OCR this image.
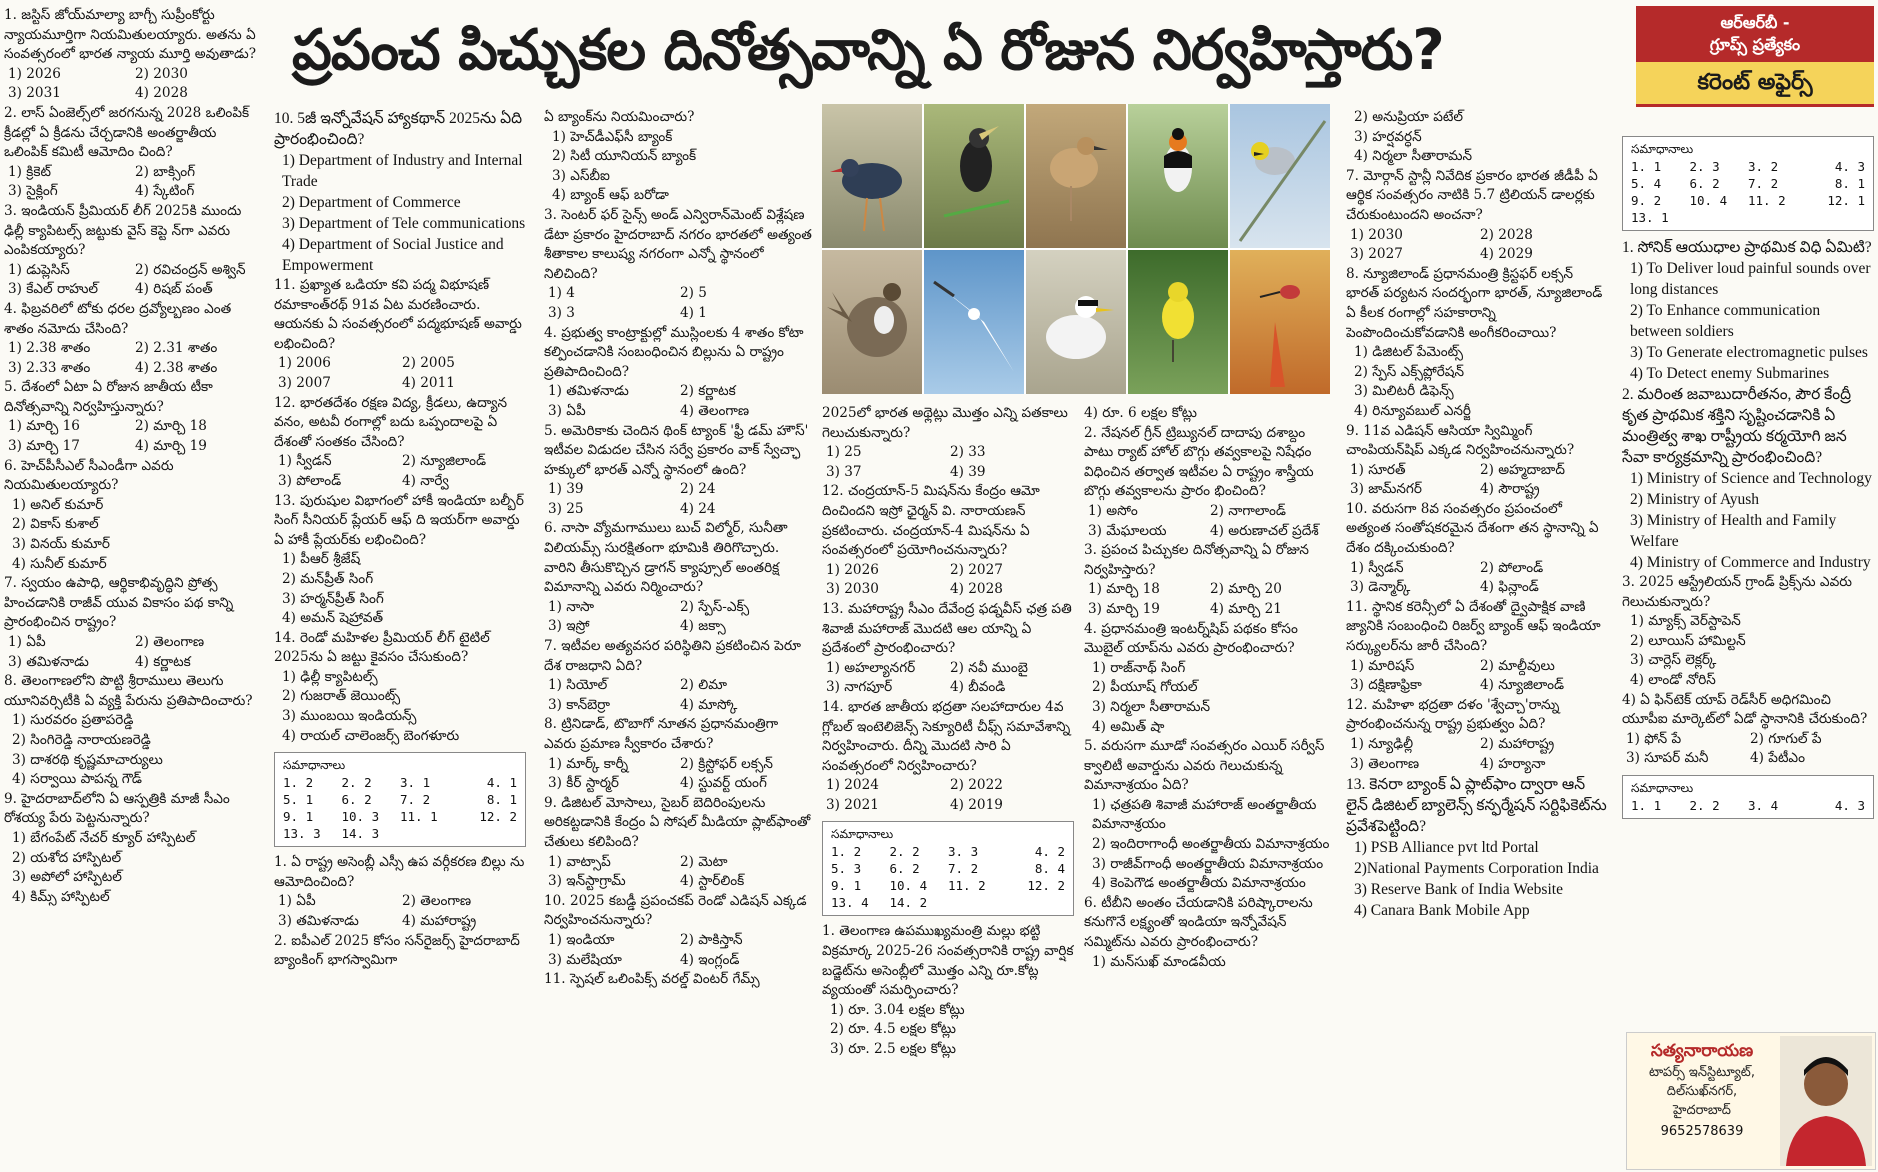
ప్రపంచ పిచ్చుకల దినోత్సవాన్ని ఏ రోజున నిర్వహిస్తారు?	ఆర్‌ఆర్‌బీ -
గ్రూప్స్ ప్రత్యేకం
కరెంట్ అఫైర్స్
1. జస్టిస్ జోయ్‌మాల్యా బాగ్చీ సుప్రీంకోర్టు న్యాయమూర్తిగా నియమితులయ్యారు. అతను ఏ సంవత్సరంలో భారత న్యాయ మూర్తి అవుతాడు?
1) 2026	2) 2030
3) 2031	4) 2028
2. లాస్ ఏంజెల్స్‌లో జరగనున్న 2028 ఒలింపిక్ క్రీడల్లో ఏ క్రీడను చేర్చడానికి అంతర్జాతీయ ఒలింపిక్ కమిటీ ఆమోదిం చింది?
1) క్రికెట్	2) బాక్సింగ్
3) సైక్లింగ్	4) స్కేటింగ్
3. ఇండియన్ ప్రీమియర్ లీగ్ 2025కి ముందు ఢిల్లీ క్యాపిటల్స్ జట్టుకు వైస్ కెప్టె న్‌గా ఎవరు ఎంపికయ్యారు?
1) డుప్లెసిస్	2) రవిచంద్రన్ అశ్విన్
3) కేఎల్ రాహుల్	4) రిషబ్ పంత్
4. ఫిబ్రవరిలో టోకు ధరల ద్రవ్యోల్బణం ఎంత శాతం నమోదు చేసింది?
1) 2.38 శాతం	2) 2.31 శాతం
3) 2.33 శాతం	4) 2.38 శాతం
5. దేశంలో ఏటా ఏ రోజున జాతీయ టీకా దినోత్సవాన్ని నిర్వహిస్తున్నారు?
1) మార్చి 16	2) మార్చి 18
3) మార్చి 17	4) మార్చి 19
6. హెచ్‌పీసీఎల్ సీఎండీగా ఎవరు నియమితులయ్యారు?
1) అనిల్ కుమార్
2) వికాస్ కుశాల్
3) వినయ్ కుమార్
4) సునీల్ కుమార్
7. స్వయం ఉపాధి, ఆర్థికాభివృద్ధిని ప్రోత్స హించడానికి రాజీవ్ యువ వికాసం పథ కాన్ని ప్రారంభించిన రాష్ట్రం?
1) ఏపీ	2) తెలంగాణ
3) తమిళనాడు	4) కర్ణాటక
8. తెలంగాణలోని పొట్టి శ్రీరాములు తెలుగు యూనివర్సిటీకి ఏ వ్యక్తి పేరును ప్రతిపాదించారు?
1) సురవరం ప్రతాపరెడ్డి
2) సింగిరెడ్డి నారాయణరెడ్డి
3) దాశరథి కృష్ణమాచార్యులు
4) సర్వాయి పాపన్న గౌడ్
9. హైదరాబాద్‌లోని ఏ ఆస్పత్రికి మాజీ సీఎం రోశయ్య పేరు పెట్టనున్నారు?
1) బేగంపేట్ నేచర్ క్యూర్ హాస్పిటల్
2) యశోద హాస్పిటల్
3) అపోలో హాస్పిటల్
4) కిమ్స్ హాస్పిటల్
10. 5జీ ఇన్నోవేషన్ హ్యాకథాన్ 2025ను ఏది ప్రారంభించింది?
1) Department of Industry and Internal Trade
2) Department of Commerce
3) Department of Tele communications
4) Department of Social Justice and Empowerment
11. ప్రఖ్యాత ఒడియా కవి పద్మ విభూషణ్ రమాకాంత్‌రథ్ 91వ ఏట మరణించారు. ఆయనకు ఏ సంవత్సరంలో పద్మభూషణ్ అవార్డు లభించింది?
1) 2006	2) 2005
3) 2007	4) 2011
12. భారతదేశం రక్షణ విద్య, క్రీడలు, ఉద్యాన వనం, అటవీ రంగాల్లో బదు ఒప్పందాలపై ఏ దేశంతో సంతకం చేసింది?
1) స్వీడన్	2) న్యూజిలాండ్
3) పోలాండ్	4) నార్వే
13. పురుషుల విభాగంలో హాకీ ఇండియా బల్బీర్ సింగ్ సీనియర్ ప్లేయర్ ఆఫ్ ది ఇయర్‌గా అవార్డు ఏ హాకీ ప్లేయర్‌కు లభించింది?
1) పీఆర్ శ్రీజేష్
2) మన్‌ప్రీత్ సింగ్
3) హర్మన్‌ప్రీత్ సింగ్
4) అమన్ షెహ్రావత్
14. రెండో మహిళల ప్రీమియర్ లీగ్ టైటిల్ 2025ను ఏ జట్టు కైవసం చేసుకుంది?
1) ఢిల్లీ క్యాపిటల్స్
2) గుజరాత్ జెయింట్స్
3) ముంబయి ఇండియన్స్
4) రాయల్ చాలెంజర్స్ బెంగళూరు
సమాధానాలు
1. 2	2. 2	3. 1	4. 1
5. 1	6. 2	7. 2	8. 1
9. 1	10. 3	11. 1	12. 2
13. 3	14. 3
1. ఏ రాష్ట్ర అసెంబ్లీ ఎస్సీ ఉప వర్గీకరణ బిల్లు ను ఆమోదించింది?
1) ఏపీ	2) తెలంగాణ
3) తమిళనాడు	4) మహారాష్ట్ర
2. ఐపీఎల్ 2025 కోసం సన్‌రైజర్స్ హైదరాబాద్ బ్యాంకింగ్ భాగస్వామిగా
ఏ బ్యాంక్‌ను నియమించారు?
1) హెచ్‌డీఎఫ్‌సీ బ్యాంక్
2) సిటీ యూనియన్ బ్యాంక్
3) ఎస్‌బీఐ
4) బ్యాంక్ ఆఫ్ బరోడా
3. సెంటర్ ఫర్ సైన్స్ అండ్ ఎన్విరాన్‌మెంట్ విశ్లేషణ డేటా ప్రకారం హైదరాబాద్ నగరం భారతలో అత్యంత శీతాకాల కాలుష్య నగరంగా ఎన్నో స్థానంలో నిలిచింది?
1) 4	2) 5
3) 3	4) 1
4. ప్రభుత్వ కాంట్రాక్టుల్లో ముస్లింలకు 4 శాతం కోటా కల్పించడానికి సంబంధించిన బిల్లును ఏ రాష్ట్రం ప్రతిపాదించింది?
1) తమిళనాడు	2) కర్ణాటక
3) ఏపీ	4) తెలంగాణ
5. అమెరికాకు చెందిన థింక్ ట్యాంక్ 'ఫ్రీ డమ్ హౌస్' ఇటీవల విడుదల చేసిన సర్వే ప్రకారం వాక్ స్వేచ్ఛా హక్కులో భారత్ ఎన్నో స్థానంలో ఉంది?
1) 39	2) 24
3) 25	4) 24
6. నాసా వ్యోమగాములు బుచ్ విల్మోర్, సునీతా విలియమ్స్ సురక్షితంగా భూమికి తిరిగొచ్చారు. వారిని తీసుకొచ్చిన డ్రాగన్ క్యాప్సూల్ అంతరిక్ష విమానాన్ని ఎవరు నిర్మించారు?
1) నాసా	2) స్పేస్-ఎక్స్
3) ఇస్రో	4) జక్సా
7. ఇటీవల అత్యవసర పరిస్థితిని ప్రకటించిన పెరూ దేశ రాజధాని ఏది?
1) సియోల్	2) లిమా
3) కాన్‌బెర్రా	4) మాస్కో
8. ట్రినిడాడ్, టొబాగో నూతన ప్రధానమంత్రిగా ఎవరు ప్రమాణ స్వీకారం చేశారు?
1) మార్క్ కార్నీ	2) క్రిస్టోఫర్ లక్సన్
3) కీర్ స్టార్మర్	4) స్టువర్ట్ యంగ్
9. డిజిటల్ మోసాలు, సైబర్ బెదిరింపులను అరికట్టడానికి కేంద్రం ఏ సోషల్ మీడియా ప్లాట్‌ఫాంతో చేతులు కలిపింది?
1) వాట్సాప్	2) మెటా
3) ఇన్‌స్టాగ్రామ్	4) స్టార్‌లింక్
10. 2025 కబడ్డీ ప్రపంచకప్ రెండో ఎడిషన్ ఎక్కడ నిర్వహించనున్నారు?
1) ఇండియా	2) పాకిస్తాన్
3) మలేషియా	4) ఇంగ్లండ్
11. స్పెషల్ ఒలింపిక్స్ వరల్డ్ వింటర్ గేమ్స్
2025లో భారత అథ్లెట్లు మొత్తం ఎన్ని పతకాలు గెలుచుకున్నారు?
1) 25	2) 33
3) 37	4) 39
12. చంద్రయాన్-5 మిషన్‌ను కేంద్రం ఆమో దించిందని ఇస్రో ఛైర్మన్ వి. నారాయణన్ ప్రకటించారు. చంద్రయాన్-4 మిషన్‌ను ఏ సంవత్సరంలో ప్రయోగించనున్నారు?
1) 2026	2) 2027
3) 2030	4) 2028
13. మహారాష్ట్ర సీఎం దేవేంద్ర ఫడ్నవీస్ ఛత్ర పతి శివాజీ మహారాజ్ మొదటి ఆల యాన్ని ఏ ప్రదేశంలో ప్రారంభించారు?
1) అహల్యానగర్	2) నవీ ముంబై
3) నాగపూర్	4) బీవండి
14. భారత జాతీయ భద్రతా సలహాదారుల 4వ గ్లోబల్ ఇంటెలిజెన్స్ సెక్యూరిటీ చీఫ్స్ సమావేశాన్ని నిర్వహించారు. దీన్ని మొదటి సారి ఏ సంవత్సరంలో నిర్వహించారు?
1) 2024	2) 2022
3) 2021	4) 2019
సమాధానాలు
1. 2	2. 2	3. 3	4. 2
5. 3	6. 2	7. 2	8. 4
9. 1	10. 4	11. 2	12. 2
13. 4	14. 2
1. తెలంగాణ ఉపముఖ్యమంత్రి మల్లు భట్టి విక్రమార్క 2025-26 సంవత్సరానికి రాష్ట్ర వార్షిక బడ్జెట్‌ను అసెంబ్లీలో మొత్తం ఎన్ని రూ.కోట్ల వ్యయంతో సమర్పించారు?
1) రూ. 3.04 లక్షల కోట్లు
2) రూ. 4.5 లక్షల కోట్లు
3) రూ. 2.5 లక్షల కోట్లు
4) రూ. 6 లక్షల కోట్లు
2. నేషనల్ గ్రీన్ ట్రిబ్యునల్ దాదాపు దశాబ్దం పాటు ర్యాట్ హోల్ బొగ్గు తవ్వకాలపై నిషేధం విధించిన తర్వాత ఇటీవల ఏ రాష్ట్రం శాస్త్రీయ బొగ్గు తవ్వకాలను ప్రారం భించింది?
1) అసోం	2) నాగాలాండ్
3) మేఘాలయ	4) అరుణాచల్ ప్రదేశ్
3. ప్రపంచ పిచ్చుకల దినోత్సవాన్ని ఏ రోజున నిర్వహిస్తారు?
1) మార్చి 18	2) మార్చి 20
3) మార్చి 19	4) మార్చి 21
4. ప్రధానమంత్రి ఇంటర్న్‌షిప్ పథకం కోసం మొబైల్ యాప్‌ను ఎవరు ప్రారంభించారు?
1) రాజ్‌నాథ్ సింగ్
2) పీయూష్ గోయల్
3) నిర్మలా సీతారామన్
4) అమిత్ షా
5. వరుసగా మూడో సంవత్సరం ఎయిర్ సర్వీస్ క్వాలిటీ అవార్డును ఎవరు గెలుచుకున్న విమానాశ్రయం ఏది?
1) ఛత్రపతి శివాజీ మహారాజ్ అంతర్జాతీయ విమానాశ్రయం
2) ఇందిరాగాంధీ అంతర్జాతీయ విమానాశ్రయం
3) రాజీవ్‌గాంధీ అంతర్జాతీయ విమానాశ్రయం
4) కెంపెగౌడ అంతర్జాతీయ విమానాశ్రయం
6. టీబీని అంతం చేయడానికి పరిష్కారాలను కనుగొనే లక్ష్యంతో ఇండియా ఇన్నోవేషన్ సమ్మిట్‌ను ఎవరు ప్రారంభించారు?
1) మన్‌సుఖ్ మాండవీయ
2) అనుప్రియా పటేల్
3) హర్షవర్ధన్
4) నిర్మలా సీతారామన్
7. మోర్గాన్ స్టాన్లీ నివేదిక ప్రకారం భారత జీడీపీ ఏ ఆర్థిక సంవత్సరం నాటికి 5.7 ట్రిలియన్ డాలర్లకు చేరుకుంటుందని అంచనా?
1) 2030	2) 2028
3) 2027	4) 2029
8. న్యూజిలాండ్ ప్రధానమంత్రి క్రిస్టఫర్ లక్సన్ భారత్ పర్యటన సందర్భంగా భారత్, న్యూజిలాండ్ ఏ కీలక రంగాల్లో సహకారాన్ని పెంపొందించుకోవడానికి అంగీకరించాయి?
1) డిజిటల్ పేమెంట్స్
2) స్పేస్ ఎక్స్‌ప్లోరేషన్
3) మిలిటరీ డిఫెన్స్
4) రిన్యూవబుల్ ఎనర్జీ
9. 11వ ఎడిషన్ ఆసియా స్విమ్మింగ్ చాంపియన్‌షిప్ ఎక్కడ నిర్వహించనున్నారు?
1) సూరత్	2) అహ్మదాబాద్
3) జామ్‌నగర్	4) సౌరాష్ట్ర
10. వరుసగా 8వ సంవత్సరం ప్రపంచంలో అత్యంత సంతోషకరమైన దేశంగా తన స్థానాన్ని ఏ దేశం దక్కించుకుంది?
1) స్వీడన్	2) పోలాండ్
3) డెన్మార్క్	4) ఫిన్లాండ్
11. స్థానిక కరెన్సీలో ఏ దేశంతో ద్వైపాక్షిక వాణి జ్యానికి సంబంధించి రిజర్వ్ బ్యాంక్ ఆఫ్ ఇండియా సర్క్యులర్‌ను జారీ చేసింది?
1) మారిషస్	2) మాల్దీవులు
3) దక్షిణాఫ్రికా	4) న్యూజిలాండ్
12. మహిళా భద్రతా దళం 'శ్వేచ్చా'రాన్ను ప్రారంభించనున్న రాష్ట్ర ప్రభుత్వం ఏది?
1) న్యూఢిల్లీ	2) మహారాష్ట్ర
3) తెలంగాణ	4) హర్యానా
13. కెనరా బ్యాంక్ ఏ ప్లాట్‌ఫాం ద్వారా ఆన్ లైన్ డిజిటల్ బ్యాలెన్స్ కన్ఫర్మేషన్ సర్టిఫికెట్‌ను ప్రవేశపెట్టింది?
1) PSB Alliance pvt ltd Portal
2)National Payments Corporation India
3) Reserve Bank of India Website
4) Canara Bank Mobile App
సమాధానాలు
1. 1	2. 3	3. 2	4. 3
5. 4	6. 2	7. 2	8. 1
9. 2	10. 4	11. 2	12. 1
13. 1
1. సోనిక్ ఆయుధాల ప్రాథమిక విధి ఏమిటి?
1) To Deliver loud painful sounds over long distances
2) To Enhance communication between soldiers
3) To Generate electromagnetic pulses
4) To Detect enemy Submarines
2. మరింత జవాబుదారీతనం, పౌర కేంద్రీ కృత ప్రాథమిక శక్తిని సృష్టించడానికి ఏ మంత్రిత్వ శాఖ రాష్ట్రీయ కర్మయోగి జన సేవా కార్యక్రమాన్ని ప్రారంభించింది?
1) Ministry of Science and Technology
2) Ministry of Ayush
3) Ministry of Health and Family Welfare
4) Ministry of Commerce and Industry
3. 2025 ఆస్ట్రేలియన్ గ్రాండ్ ప్రిక్స్‌ను ఎవరు గెలుచుకున్నారు?
1) మ్యాక్స్ వెర్‌స్టాపెన్
2) లూయిస్ హామిల్టన్
3) చార్లెస్ లెక్లర్క్
4) లాండో నోరిస్
4) ఏ ఫిన్‌టెక్ యాప్ రెడ్‌సీర్ అధిగమించి యూపీఐ మార్కెట్‌లో ఏడో స్థానానికి చేరుకుంది?
1) ఫోన్ పే	2) గూగుల్ పే
3) సూపర్ మనీ	4) పేటీఎం
సమాధానాలు
1. 1	2. 2	3. 4	4. 3
సత్యనారాయణ
టాపర్స్ ఇన్‌స్టిట్యూట్,
దిల్‌సుఖ్‌నగర్,
హైదరాబాద్
9652578639
